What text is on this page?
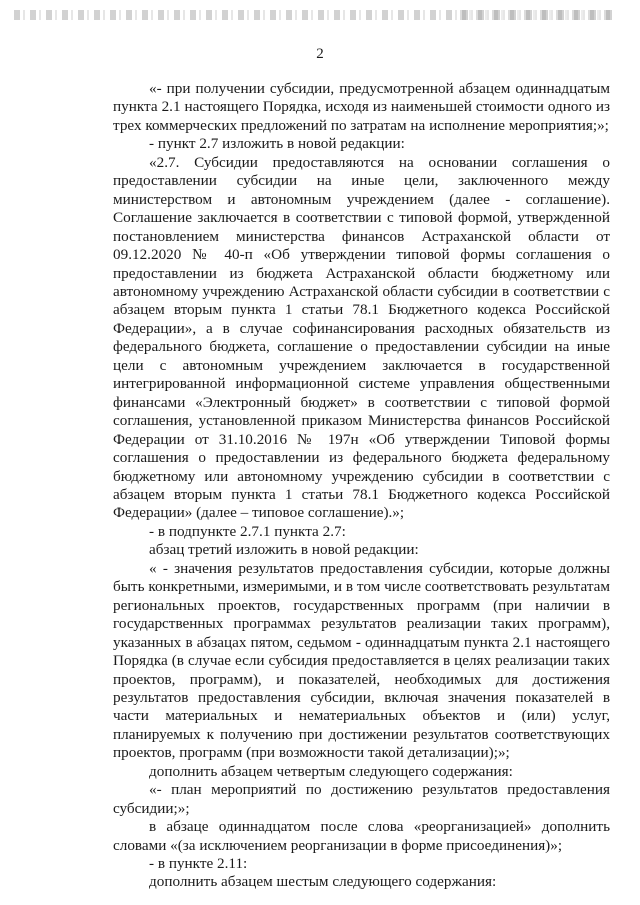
2

«- при получении субсидии, предусмотренной абзацем одиннадцатым пункта 2.1 настоящего Порядка, исходя из наименьшей стоимости одного из трех коммерческих предложений по затратам на исполнение мероприятия;»;

- пункт 2.7 изложить в новой редакции:

«2.7. Субсидии предоставляются на основании соглашения о предоставлении субсидии на иные цели, заключенного между министерством и автономным учреждением (далее - соглашение). Соглашение заключается в соответствии с типовой формой, утвержденной постановлением министерства финансов Астраханской области от 09.12.2020 № 40-п «Об утверждении типовой формы соглашения о предоставлении из бюджета Астраханской области бюджетному или автономному учреждению Астраханской области субсидии в соответствии с абзацем вторым пункта 1 статьи 78.1 Бюджетного кодекса Российской Федерации», а в случае софинансирования расходных обязательств из федерального бюджета, соглашение о предоставлении субсидии на иные цели с автономным учреждением заключается в государственной интегрированной информационной системе управления общественными финансами «Электронный бюджет» в соответствии с типовой формой соглашения, установленной приказом Министерства финансов Российской Федерации от 31.10.2016 № 197н «Об утверждении Типовой формы соглашения о предоставлении из федерального бюджета федеральному бюджетному или автономному учреждению субсидии в соответствии с абзацем вторым пункта 1 статьи 78.1 Бюджетного кодекса Российской Федерации» (далее – типовое соглашение).»;

- в подпункте 2.7.1 пункта 2.7:

абзац третий изложить в новой редакции:

« - значения результатов предоставления субсидии, которые должны быть конкретными, измеримыми, и в том числе соответствовать результатам региональных проектов, государственных программ (при наличии в государственных программах результатов реализации таких программ), указанных в абзацах пятом, седьмом - одиннадцатым пункта 2.1 настоящего Порядка (в случае если субсидия предоставляется в целях реализации таких проектов, программ), и показателей, необходимых для достижения результатов предоставления субсидии, включая значения показателей в части материальных и нематериальных объектов и (или) услуг, планируемых к получению при достижении результатов соответствующих проектов, программ (при возможности такой детализации);»;

дополнить абзацем четвертым следующего содержания:

«- план мероприятий по достижению результатов предоставления субсидии;»;

в абзаце одиннадцатом после слова «реорганизацией» дополнить словами «(за исключением реорганизации в форме присоединения)»;

- в пункте 2.11:

дополнить абзацем шестым следующего содержания:
